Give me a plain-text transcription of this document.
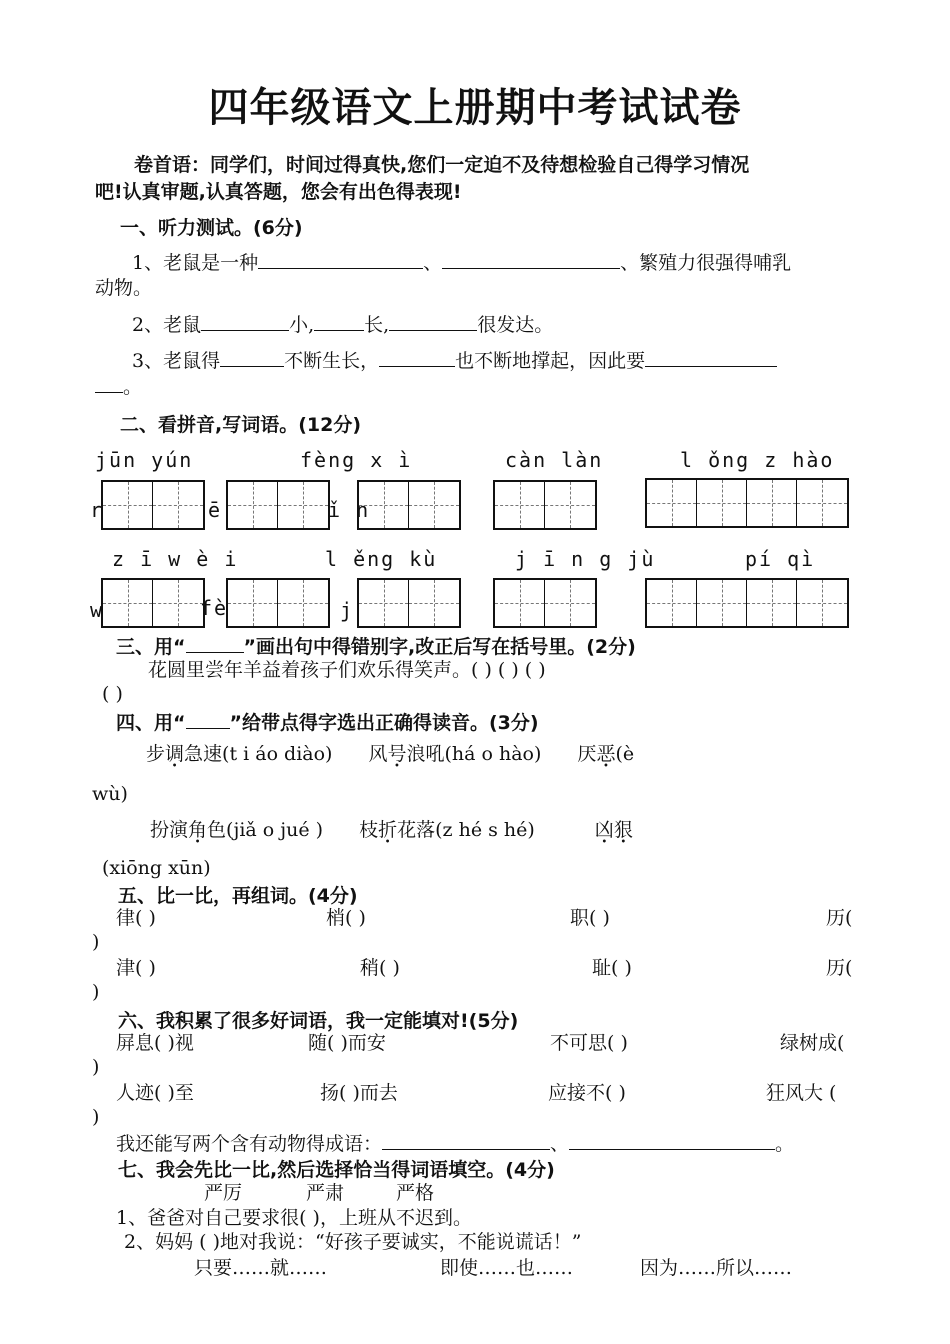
四年级语文上册期中考试试卷
卷首语：同学们，时间过得真快,您们一定迫不及待想检验自己得学习情况
吧!认真审题,认真答题，您会有出色得表现!
一、听力测试。(6分)
1、老鼠是一种	、	、繁殖力很强得哺乳
动物。
2、老鼠	小,	长,	很发达。
3、老鼠得	不断生长，	也不断地撑起，因此要
。
二、看拼音,写词语。(12分)
jūn yún	fèng x ì	càn làn	l ǒng z hào
r	ē	ǐ n
z ī w è i	l ěng kù	j ī n g jù	pí qì
w	fè	j
三、用“	”画出句中得错别字,改正后写在括号里。(2分)
花圆里尝年羊益着孩子们欢乐得笑声。( ) ( ) ( )
( )
四、用“ ”给带点得字选出正确得读音。(3分)
步调急速(t i áo diào) 风号浪吼(há o hào) 厌恶(è
wù)
扮演角色(jiǎ o jué ) 枝折花落(z hé s hé)	凶狠
(xiōng xūn)
五、比一比，再组词。(4分)
律( )	梢( )	职( )	历(
)
津( )	稍( )	耻( )	历(
)
六、我积累了很多好词语，我一定能填对!(5分)
屏息( )视	随( )而安	不可思( )	绿树成(
)
人迹( )至	扬( )而去	应接不( )	狂风大 (
)
我还能写两个含有动物得成语：	、	。
七、我会先比一比,然后选择恰当得词语填空。(4分)
严厉	严肃	严格
1、爸爸对自己要求很( )，上班从不迟到。
2、妈妈 ( )地对我说：“好孩子要诚实，不能说谎话！”
只要……就……	即使……也……	因为……所以……
